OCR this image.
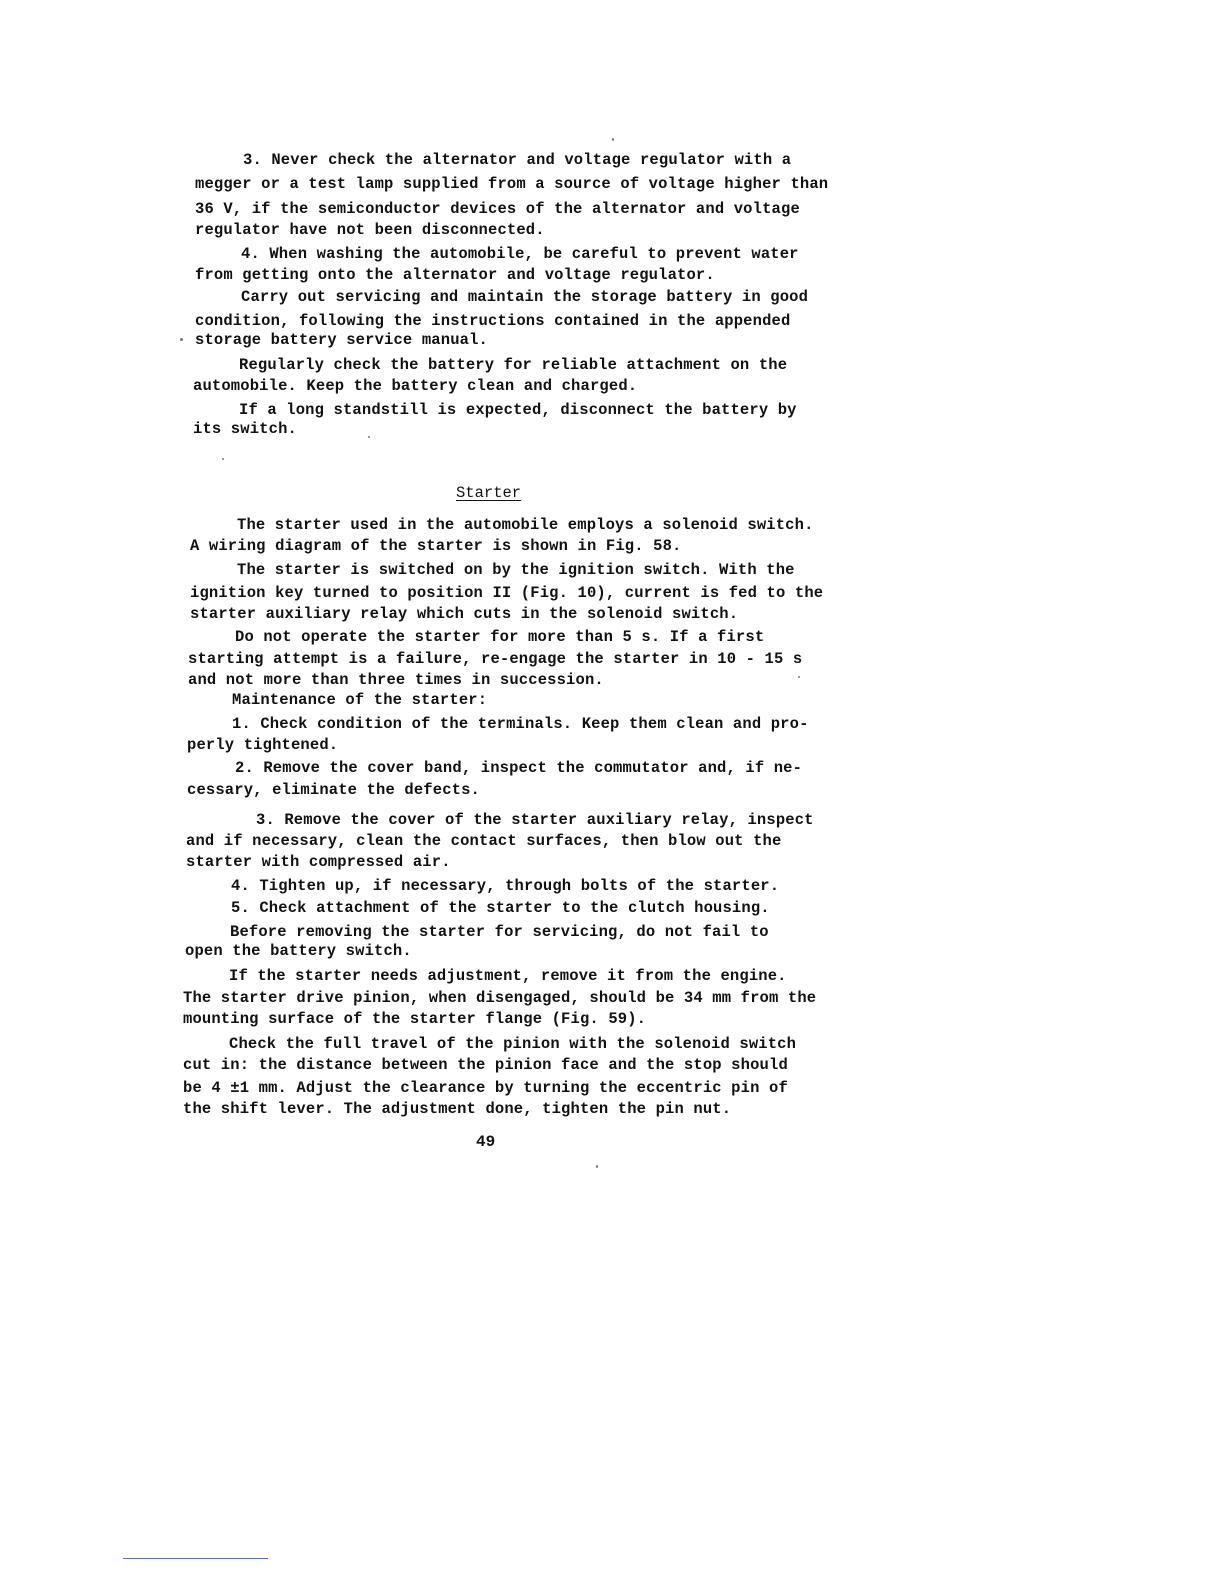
3. Never check the alternator and voltage regulator with a
megger or a test lamp supplied from a source of voltage higher than
36 V, if the semiconductor devices of the alternator and voltage
regulator have not been disconnected.
4. When washing the automobile, be careful to prevent water
from getting onto the alternator and voltage regulator.
Carry out servicing and maintain the storage battery in good
condition, following the instructions contained in the appended
storage battery service manual.
Regularly check the battery for reliable attachment on the
automobile. Keep the battery clean and charged.
If a long standstill is expected, disconnect the battery by
its switch.
Starter
The starter used in the automobile employs a solenoid switch.
A wiring diagram of the starter is shown in Fig. 58.
The starter is switched on by the ignition switch. With the
ignition key turned to position II (Fig. 10), current is fed to the
starter auxiliary relay which cuts in the solenoid switch.
Do not operate the starter for more than 5 s. If a first
starting attempt is a failure, re-engage the starter in 10 - 15 s
and not more than three times in succession.
Maintenance of the starter:
1. Check condition of the terminals. Keep them clean and pro-
perly tightened.
2. Remove the cover band, inspect the commutator and, if ne-
cessary, eliminate the defects.
3. Remove the cover of the starter auxiliary relay, inspect
and if necessary, clean the contact surfaces, then blow out the
starter with compressed air.
4. Tighten up, if necessary, through bolts of the starter.
5. Check attachment of the starter to the clutch housing.
Before removing the starter for servicing, do not fail to
open the battery switch.
If the starter needs adjustment, remove it from the engine.
The starter drive pinion, when disengaged, should be 34 mm from the
mounting surface of the starter flange (Fig. 59).
Check the full travel of the pinion with the solenoid switch
cut in: the distance between the pinion face and the stop should
be 4 ±1 mm. Adjust the clearance by turning the eccentric pin of
the shift lever. The adjustment done, tighten the pin nut.
49
